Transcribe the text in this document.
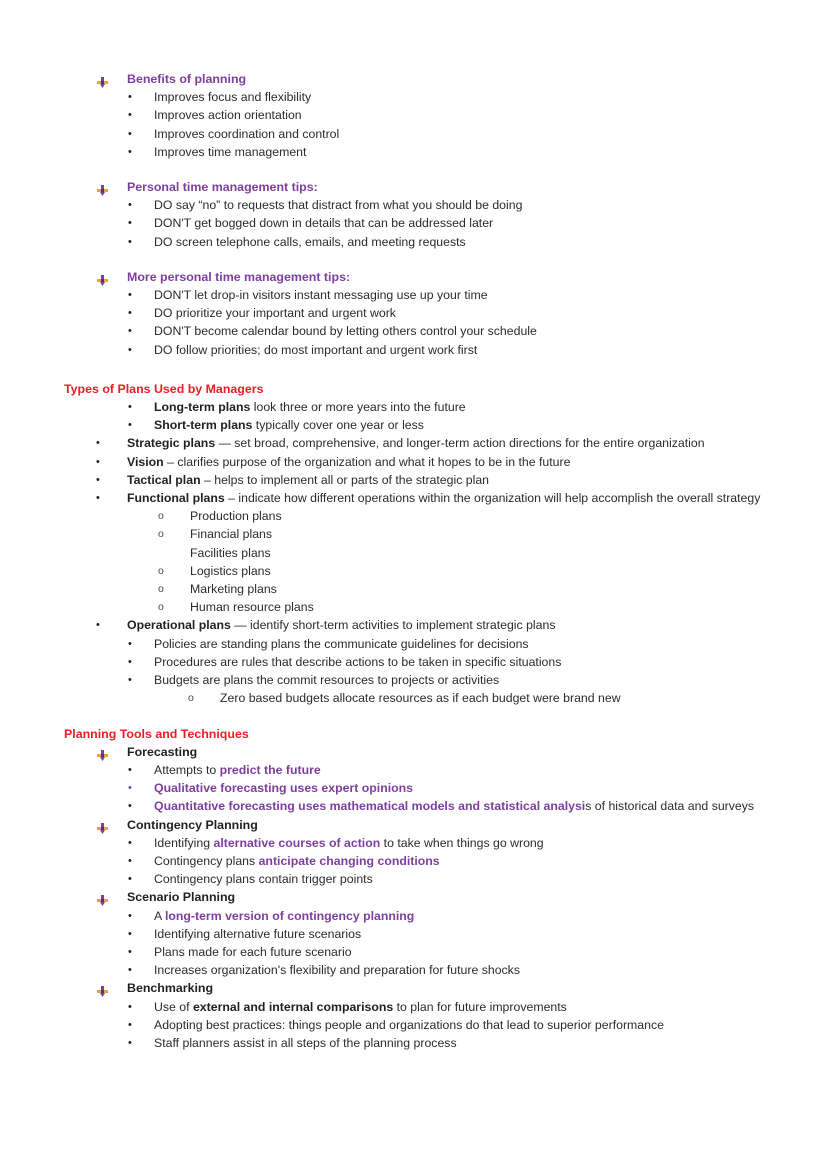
Benefits of planning
•	Improves focus and flexibility
•	Improves action orientation
•	Improves coordination and control
•	Improves time management
Personal time management tips:
•	DO say “no” to requests that distract from what you should be doing
•	DON'T get bogged down in details that can be addressed later
•	DO screen telephone calls, emails, and meeting requests
More personal time management tips:
•	DON'T let drop-in visitors instant messaging use up your time
•	DO prioritize your important and urgent work
•	DON'T become calendar bound by letting others control your schedule
•	DO follow priorities; do most important and urgent work first
Types of Plans Used by Managers
•	Long-term plans look three or more years into the future
•	Short-term plans typically cover one year or less
•	Strategic plans — set broad, comprehensive, and longer-term action directions for the entire organization
•	Vision – clarifies purpose of the organization and what it hopes to be in the future
•	Tactical plan – helps to implement all or parts of the strategic plan
•	Functional plans – indicate how different operations within the organization will help accomplish the overall strategy
o	Production plans
o	Financial plans
Facilities plans
o	Logistics plans
o	Marketing plans
o	Human resource plans
•	Operational plans — identify short-term activities to implement strategic plans
•	Policies are standing plans the communicate guidelines for decisions
•	Procedures are rules that describe actions to be taken in specific situations
•	Budgets are plans the commit resources to projects or activities
o	Zero based budgets allocate resources as if each budget were brand new
Planning Tools and Techniques
Forecasting
•	Attempts to predict the future
•	Qualitative forecasting uses expert opinions
•	Quantitative forecasting uses mathematical models and statistical analysis of historical data and surveys
Contingency Planning
•	Identifying alternative courses of action to take when things go wrong
•	Contingency plans anticipate changing conditions
•	Contingency plans contain trigger points
Scenario Planning
•	A long-term version of contingency planning
•	Identifying alternative future scenarios
•	Plans made for each future scenario
•	Increases organization's flexibility and preparation for future shocks
Benchmarking
•	Use of external and internal comparisons to plan for future improvements
•	Adopting best practices: things people and organizations do that lead to superior performance
•	Staff planners assist in all steps of the planning process
